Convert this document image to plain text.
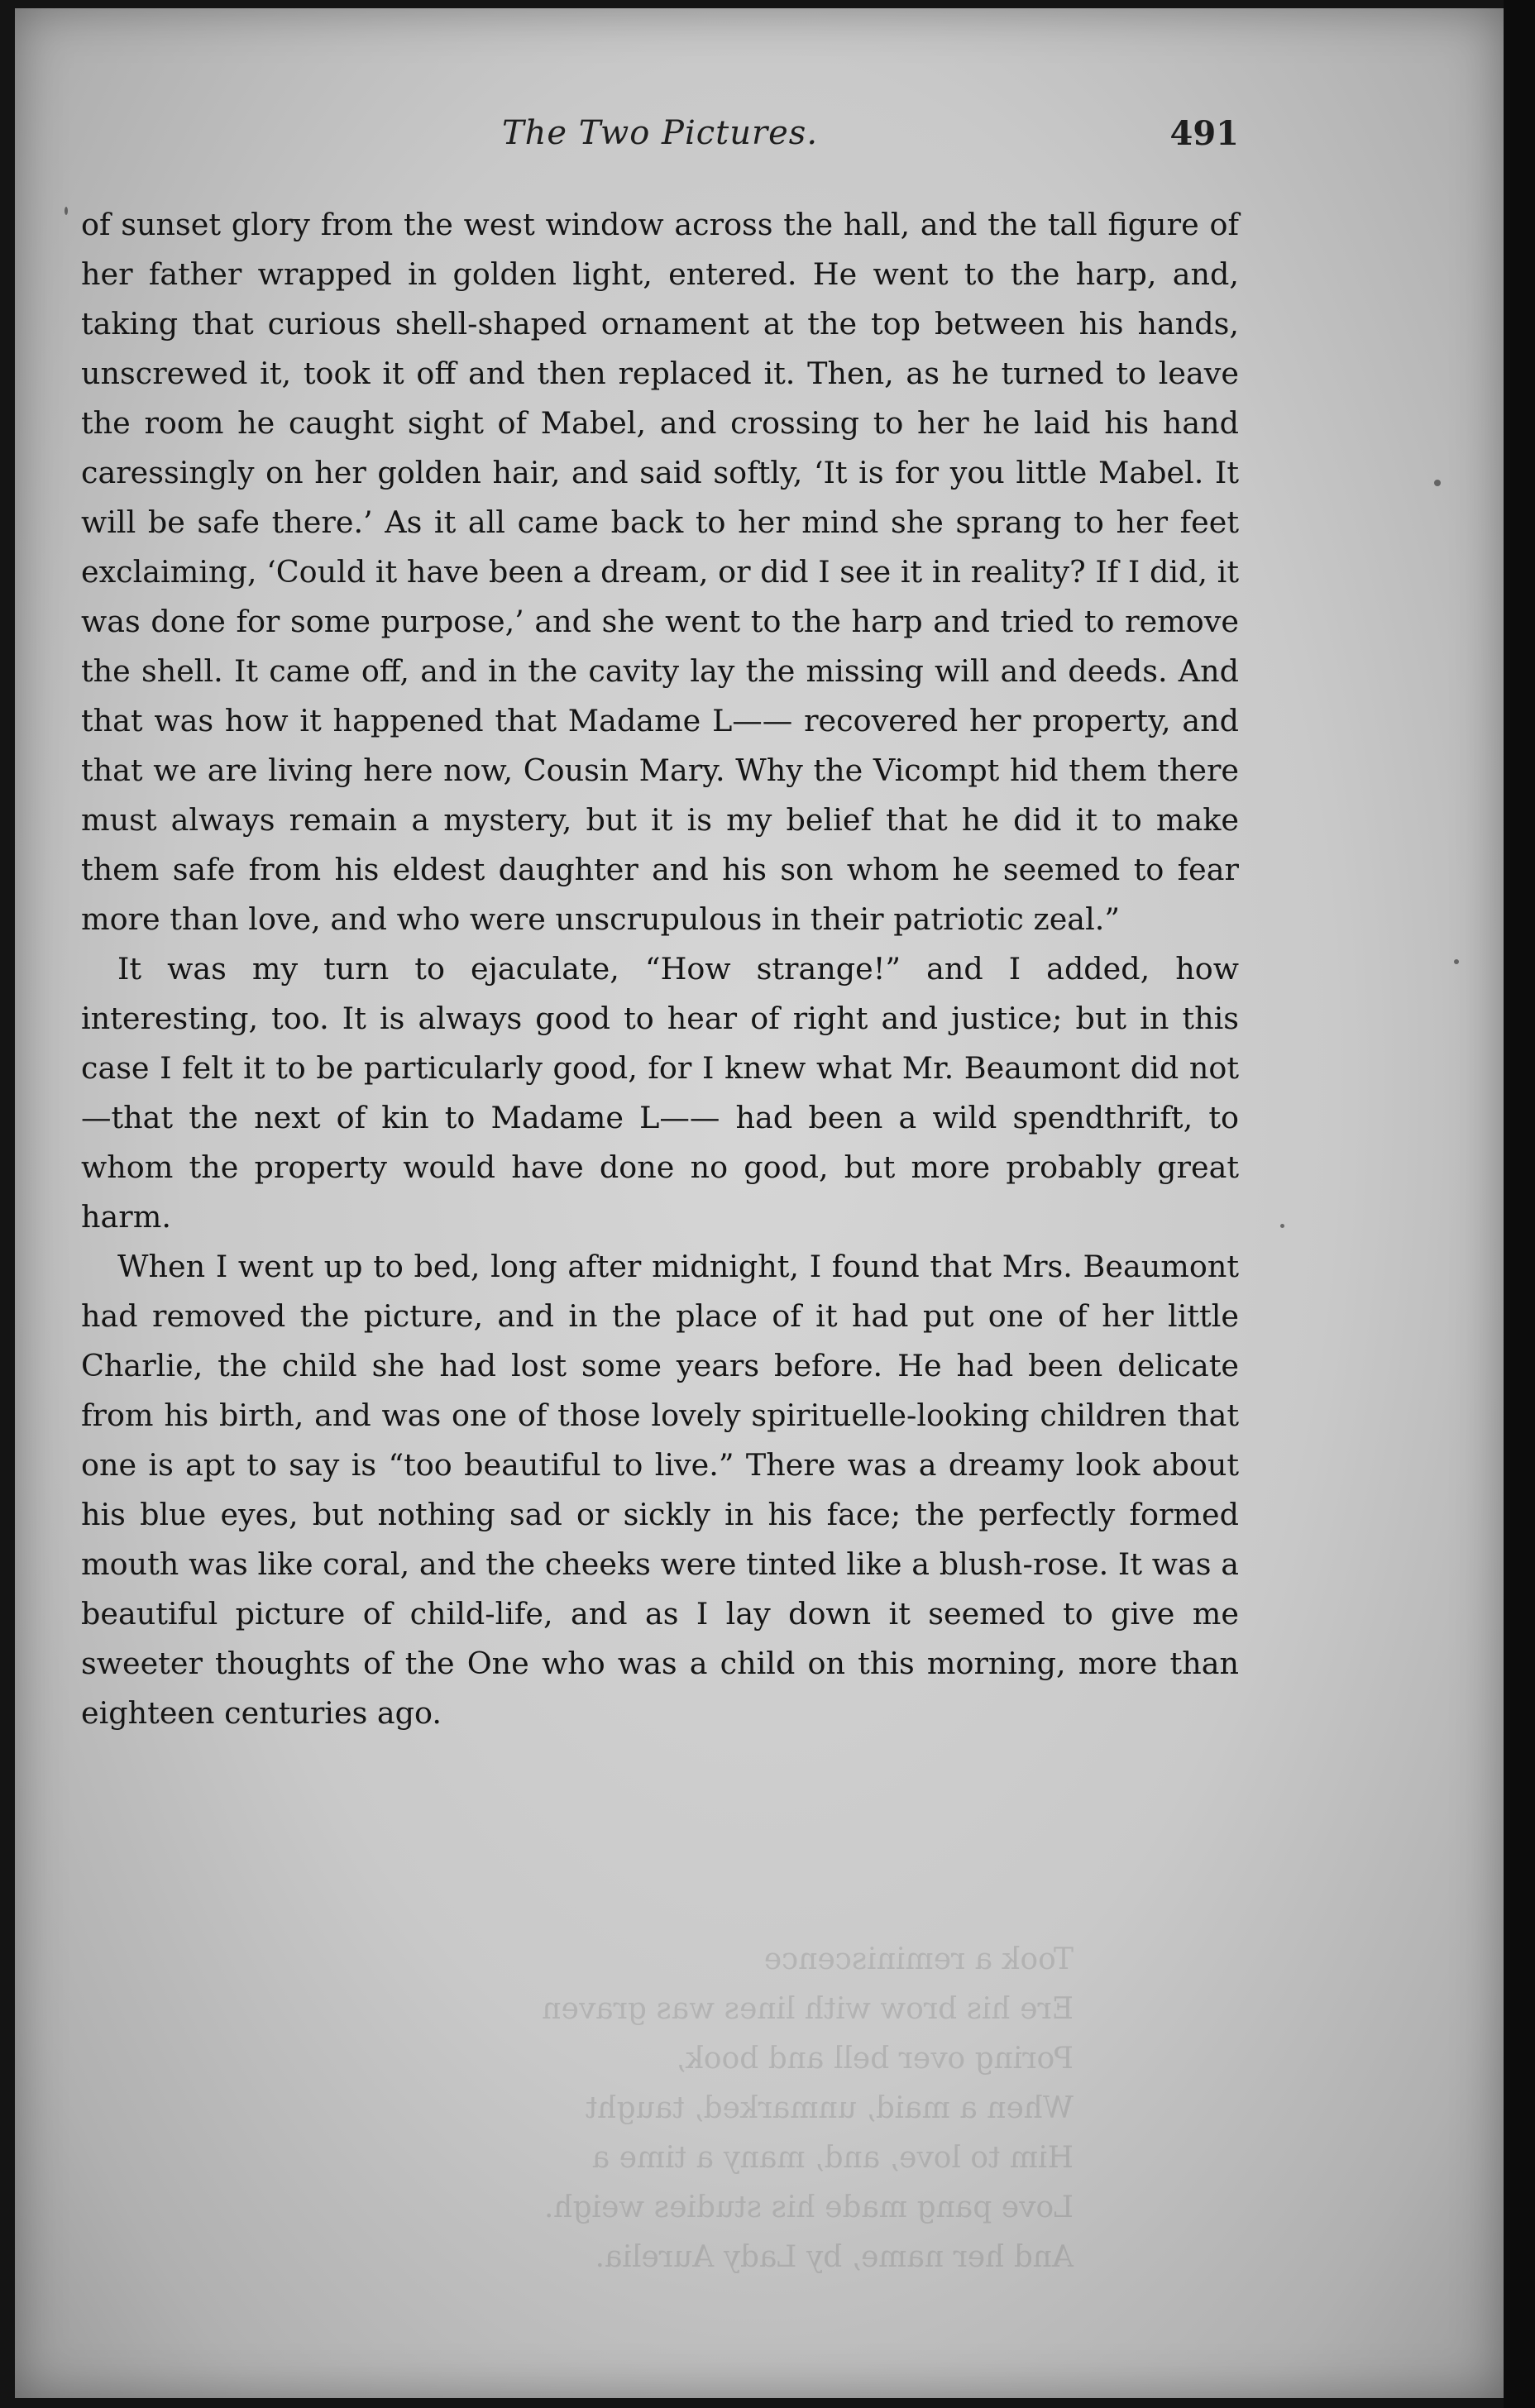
The Two Pictures.	491

of sunset glory from the west window across the hall, and the tall figure of her father wrapped in golden light, entered. He went to the harp, and, taking that curious shell-shaped ornament at the top between his hands, unscrewed it, took it off and then replaced it. Then, as he turned to leave the room he caught sight of Mabel, and crossing to her he laid his hand caressingly on her golden hair, and said softly, ‘It is for you little Mabel. It will be safe there.’ As it all came back to her mind she sprang to her feet exclaiming, ‘Could it have been a dream, or did I see it in reality? If I did, it was done for some purpose,’ and she went to the harp and tried to remove the shell. It came off, and in the cavity lay the missing will and deeds. And that was how it happened that Madame L—— recovered her property, and that we are living here now, Cousin Mary. Why the Vicompt hid them there must always remain a mystery, but it is my belief that he did it to make them safe from his eldest daughter and his son whom he seemed to fear more than love, and who were unscrupulous in their patriotic zeal.”

It was my turn to ejaculate, “How strange!” and I added, how interesting, too. It is always good to hear of right and justice; but in this case I felt it to be particularly good, for I knew what Mr. Beaumont did not—that the next of kin to Madame L—— had been a wild spendthrift, to whom the property would have done no good, but more probably great harm.

When I went up to bed, long after midnight, I found that Mrs. Beaumont had removed the picture, and in the place of it had put one of her little Charlie, the child she had lost some years before. He had been delicate from his birth, and was one of those lovely spirituelle-looking children that one is apt to say is “too beautiful to live.” There was a dreamy look about his blue eyes, but nothing sad or sickly in his face; the perfectly formed mouth was like coral, and the cheeks were tinted like a blush-rose. It was a beautiful picture of child-life, and as I lay down it seemed to give me sweeter thoughts of the One who was a child on this morning, more than eighteen centuries ago.

Took a reminiscence
Ere his brow with lines was graven
Poring over bell and book,
When a maid, unmarked, taught
Him to love, and, many a time a
Love pang made his studies weigh.
And her name, by Lady Aurelia.
